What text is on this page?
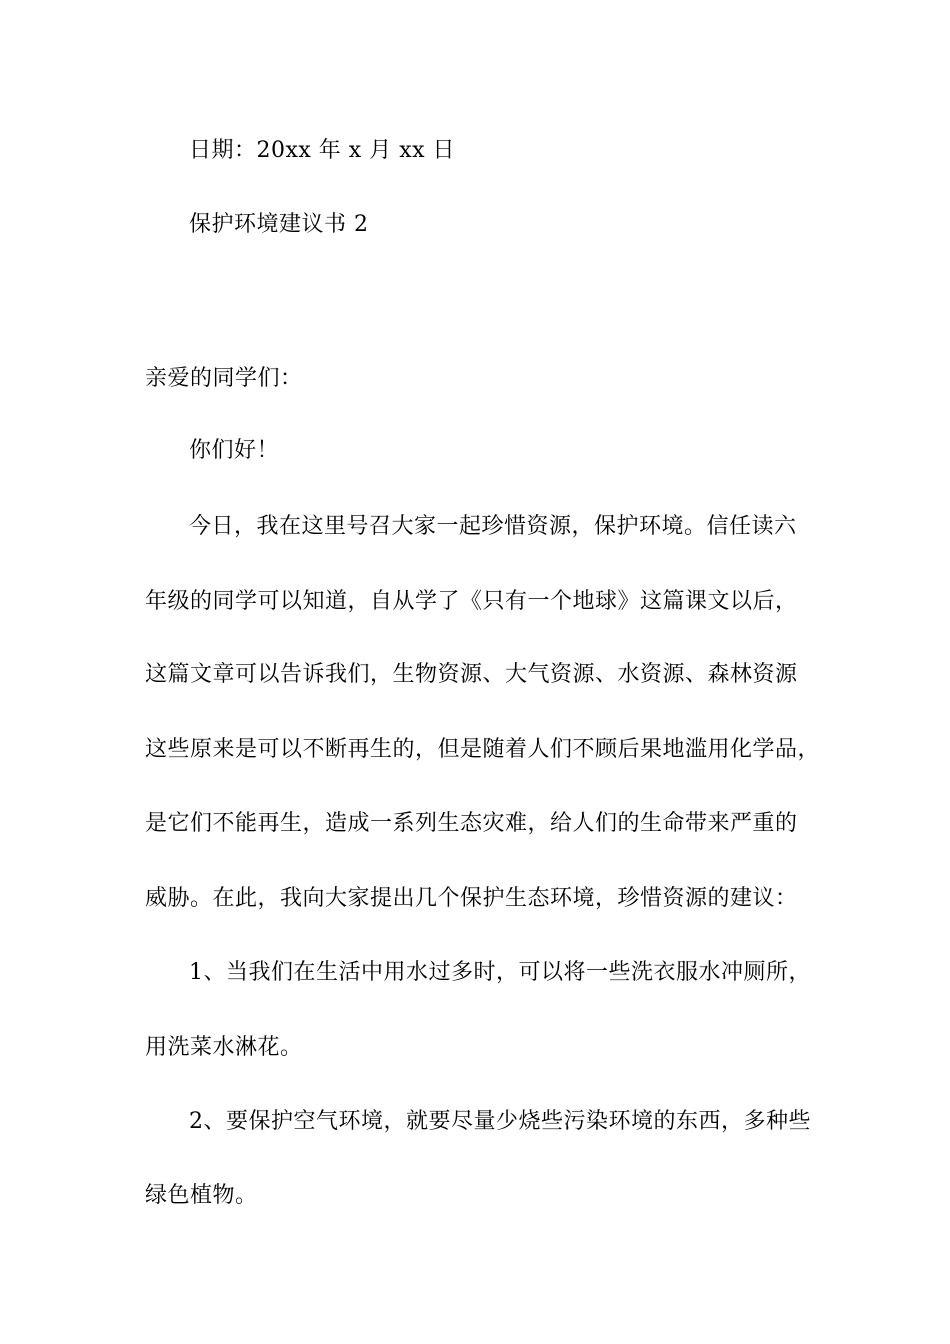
日期：20xx 年 x 月 xx 日
保护环境建议书 2
亲爱的同学们：
你们好！
今日，我在这里号召大家一起珍惜资源，保护环境。信任读六
年级的同学可以知道，自从学了《只有一个地球》这篇课文以后，
这篇文章可以告诉我们，生物资源、大气资源、水资源、森林资源
这些原来是可以不断再生的，但是随着人们不顾后果地滥用化学品，
是它们不能再生，造成一系列生态灾难，给人们的生命带来严重的
威胁。在此，我向大家提出几个保护生态环境，珍惜资源的建议：
1、当我们在生活中用水过多时，可以将一些洗衣服水冲厕所，
用洗菜水淋花。
2、要保护空气环境，就要尽量少烧些污染环境的东西，多种些
绿色植物。
